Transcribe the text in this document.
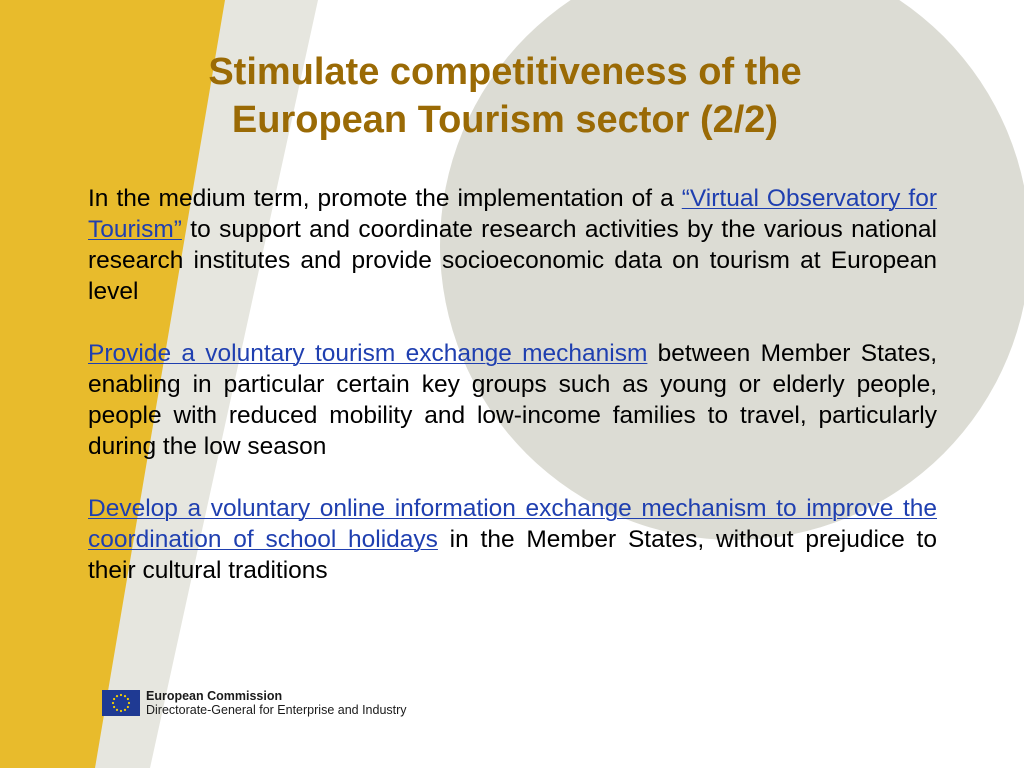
Stimulate competitiveness of the
European Tourism sector (2/2)

In the medium term, promote the implementation of a “Virtual Observatory for Tourism” to support and coordinate research activities by the various national research institutes and provide socioeconomic data on tourism at European level

Provide a voluntary tourism exchange mechanism between Member States, enabling in particular certain key groups such as young or elderly people, people with reduced mobility and low-income families to travel, particularly during the low season

Develop a voluntary online information exchange mechanism to improve the coordination of school holidays in the Member States, without prejudice to their cultural traditions

European Commission
Directorate-General for Enterprise and Industry
